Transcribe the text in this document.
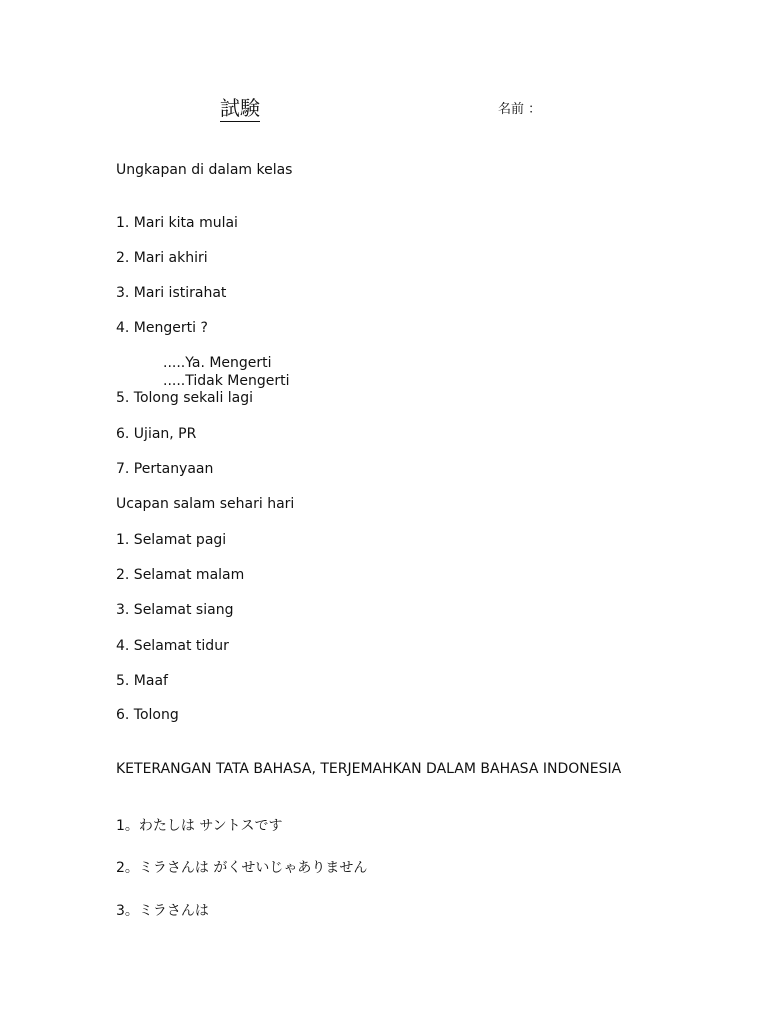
試験	名前 ：
Ungkapan di dalam kelas
1. Mari kita mulai
2. Mari akhiri
3. Mari istirahat
4. Mengerti ?
.....Ya. Mengerti
.....Tidak Mengerti
5. Tolong sekali lagi
6. Ujian, PR
7. Pertanyaan
Ucapan salam sehari hari
1. Selamat pagi
2. Selamat malam
3. Selamat siang
4. Selamat tidur
5. Maaf
6. Tolong
KETERANGAN TATA BAHASA, TERJEMAHKAN DALAM BAHASA INDONESIA
1。わたしは サントスです
2。ミラさんは がくせいじゃありません
3。ミラさんは
